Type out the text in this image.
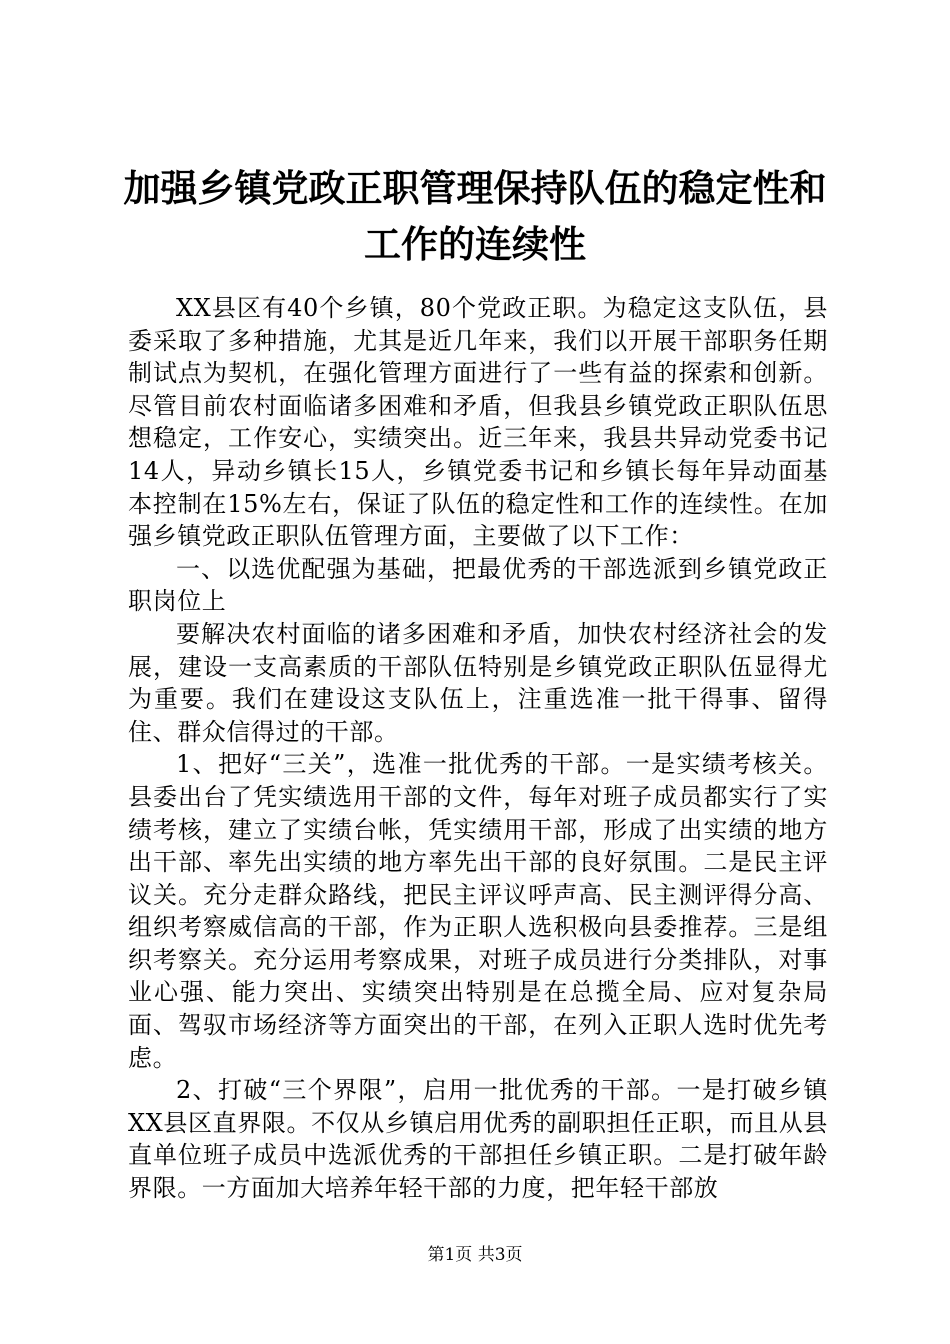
加强乡镇党政正职管理保持队伍的稳定性和工作的连续性

XX县区有40个乡镇，80个党政正职。为稳定这支队伍，县委采取了多种措施，尤其是近几年来，我们以开展干部职务任期制试点为契机，在强化管理方面进行了一些有益的探索和创新。尽管目前农村面临诸多困难和矛盾，但我县乡镇党政正职队伍思想稳定，工作安心，实绩突出。近三年来，我县共异动党委书记14人，异动乡镇长15人，乡镇党委书记和乡镇长每年异动面基本控制在15%左右，保证了队伍的稳定性和工作的连续性。在加强乡镇党政正职队伍管理方面，主要做了以下工作：

一、以选优配强为基础，把最优秀的干部选派到乡镇党政正职岗位上

要解决农村面临的诸多困难和矛盾，加快农村经济社会的发展，建设一支高素质的干部队伍特别是乡镇党政正职队伍显得尤为重要。我们在建设这支队伍上，注重选准一批干得事、留得住、群众信得过的干部。

1、把好“三关”，选准一批优秀的干部。一是实绩考核关。县委出台了凭实绩选用干部的文件，每年对班子成员都实行了实绩考核，建立了实绩台帐，凭实绩用干部，形成了出实绩的地方出干部、率先出实绩的地方率先出干部的良好氛围。二是民主评议关。充分走群众路线，把民主评议呼声高、民主测评得分高、组织考察威信高的干部，作为正职人选积极向县委推荐。三是组织考察关。充分运用考察成果，对班子成员进行分类排队，对事业心强、能力突出、实绩突出特别是在总揽全局、应对复杂局面、驾驭市场经济等方面突出的干部，在列入正职人选时优先考虑。

2、打破“三个界限”，启用一批优秀的干部。一是打破乡镇XX县区直界限。不仅从乡镇启用优秀的副职担任正职，而且从县直单位班子成员中选派优秀的干部担任乡镇正职。二是打破年龄界限。一方面加大培养年轻干部的力度，把年轻干部放

第1页 共3页
